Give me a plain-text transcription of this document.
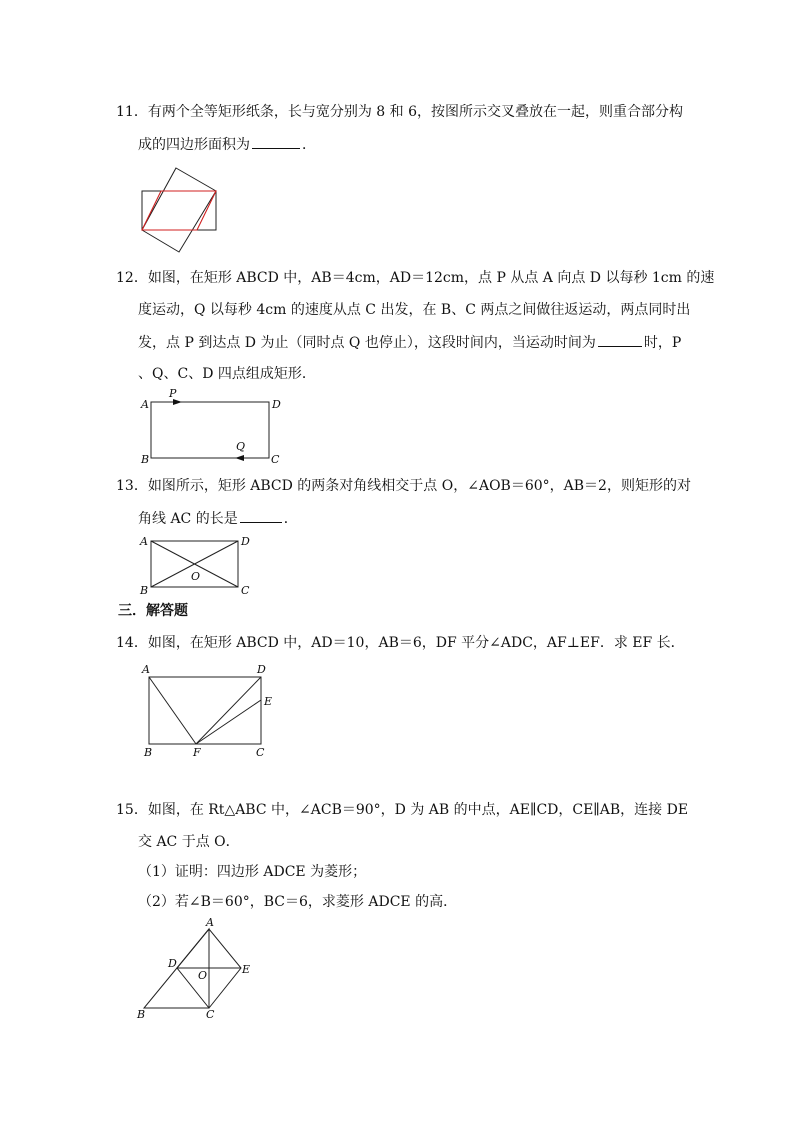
11．有两个全等矩形纸条，长与宽分别为 8 和 6，按图所示交叉叠放在一起，则重合部分构
成的四边形面积为	．
12．如图，在矩形 ABCD 中，AB＝4cm，AD＝12cm，点 P 从点 A 向点 D 以每秒 1cm 的速
度运动，Q 以每秒 4cm 的速度从点 C 出发，在 B、C 两点之间做往返运动，两点同时出
发，点 P 到达点 D 为止（同时点 Q 也停止），这段时间内，当运动时间为	时，P
、Q、C、D 四点组成矩形．
A
P
D
Q
B	C
13．如图所示，矩形 ABCD 的两条对角线相交于点 O，∠AOB＝60°，AB＝2，则矩形的对
角线 AC 的长是	．
A	D
O
B	C
三．解答题
14．如图，在矩形 ABCD 中，AD＝10，AB＝6，DF 平分∠ADC，AF⊥EF．求 EF 长．
A	D
E
B	F	C
15．如图，在 Rt△ABC 中，∠ACB＝90°，D 为 AB 的中点，AE∥CD，CE∥AB，连接 DE
交 AC 于点 O．
（1）证明：四边形 ADCE 为菱形；
（2）若∠B＝60°，BC＝6，求菱形 ADCE 的高．
A
D
O	E
B	C
